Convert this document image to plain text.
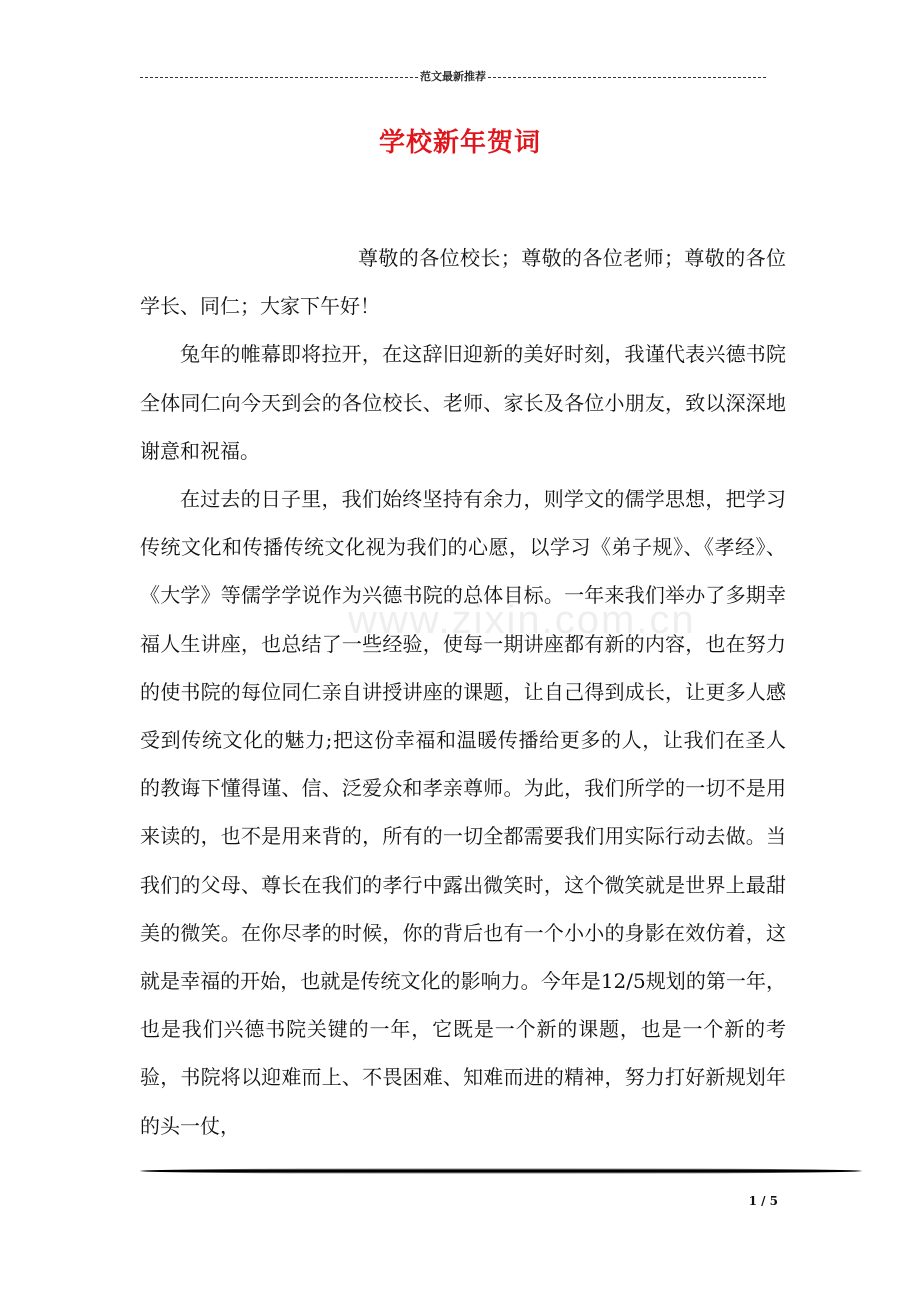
范文最新推荐
学校新年贺词
www.zixin.com.cn

尊敬的各位校长；尊敬的各位老师；尊敬的各位学长、同仁；大家下午好！

兔年的帷幕即将拉开，在这辞旧迎新的美好时刻，我谨代表兴德书院全体同仁向今天到会的各位校长、老师、家长及各位小朋友，致以深深地谢意和祝福。

在过去的日子里，我们始终坚持有余力，则学文的儒学思想，把学习传统文化和传播传统文化视为我们的心愿，以学习《弟子规》、《孝经》、《大学》等儒学学说作为兴德书院的总体目标。一年来我们举办了多期幸福人生讲座，也总结了一些经验，使每一期讲座都有新的内容，也在努力的使书院的每位同仁亲自讲授讲座的课题，让自己得到成长，让更多人感受到传统文化的魅力;把这份幸福和温暖传播给更多的人，让我们在圣人的教诲下懂得谨、信、泛爱众和孝亲尊师。为此，我们所学的一切不是用来读的，也不是用来背的，所有的一切全都需要我们用实际行动去做。当我们的父母、尊长在我们的孝行中露出微笑时，这个微笑就是世界上最甜美的微笑。在你尽孝的时候，你的背后也有一个小小的身影在效仿着，这就是幸福的开始，也就是传统文化的影响力。今年是12/5规划的第一年，也是我们兴德书院关键的一年，它既是一个新的课题，也是一个新的考验，书院将以迎难而上、不畏困难、知难而进的精神，努力打好新规划年的头一仗，

1 / 5
